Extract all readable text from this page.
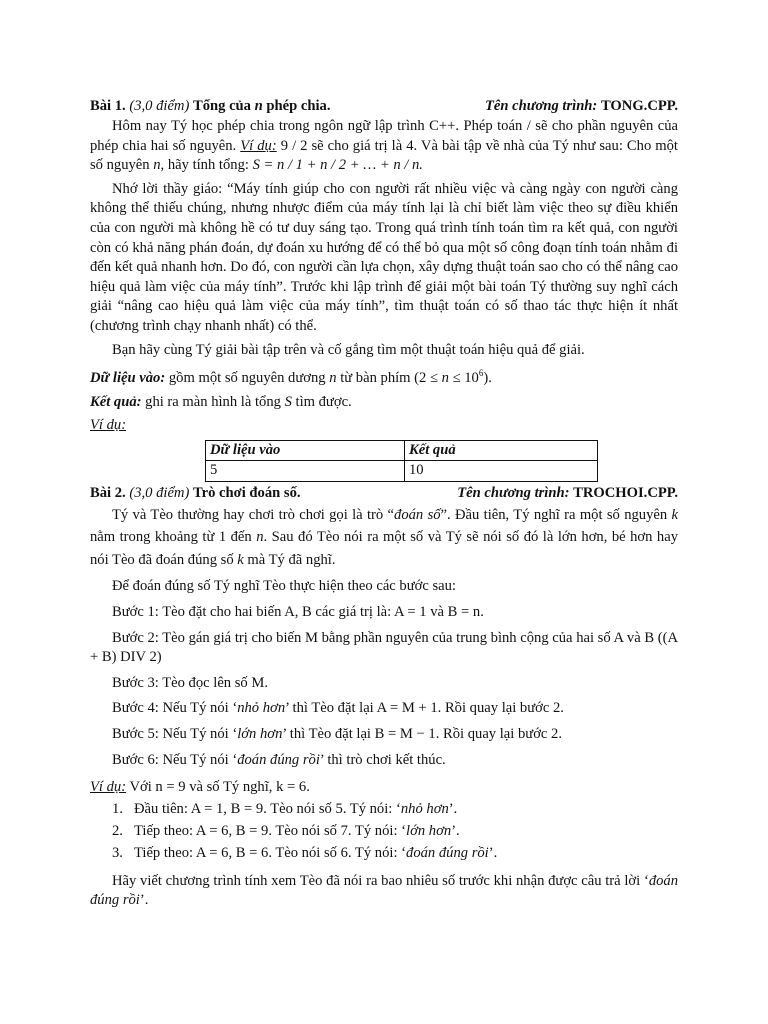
Bài 1. (3,0 điểm) Tổng của n phép chia.	Tên chương trình: TONG.CPP.

Hôm nay Tý học phép chia trong ngôn ngữ lập trình C++. Phép toán / sẽ cho phần nguyên của phép chia hai số nguyên. Ví dụ: 9 / 2 sẽ cho giá trị là 4. Và bài tập về nhà của Tý như sau: Cho một số nguyên n, hãy tính tổng: S = n / 1 + n / 2 + … + n / n.

Nhớ lời thầy giáo: “Máy tính giúp cho con người rất nhiều việc và càng ngày con người càng không thể thiếu chúng, nhưng nhược điểm của máy tính lại là chỉ biết làm việc theo sự điều khiển của con người mà không hề có tư duy sáng tạo. Trong quá trình tính toán tìm ra kết quả, con người còn có khả năng phán đoán, dự đoán xu hướng để có thể bỏ qua một số công đoạn tính toán nhằm đi đến kết quả nhanh hơn. Do đó, con người cần lựa chọn, xây dựng thuật toán sao cho có thể nâng cao hiệu quả làm việc của máy tính”. Trước khi lập trình để giải một bài toán Tý thường suy nghĩ cách giải “nâng cao hiệu quả làm việc của máy tính”, tìm thuật toán có số thao tác thực hiện ít nhất (chương trình chạy nhanh nhất) có thể.

Bạn hãy cùng Tý giải bài tập trên và cố gắng tìm một thuật toán hiệu quả để giải.

Dữ liệu vào: gồm một số nguyên dương n từ bàn phím $(2 \le n \le 10^6)$.

Kết quả: ghi ra màn hình là tổng S tìm được.

Ví dụ:

Dữ liệu vào	Kết quả
5	10
Bài 2. (3,0 điểm) Trò chơi đoán số.	Tên chương trình: TROCHOI.CPP.

Tý và Tèo thường hay chơi trò chơi gọi là trò “đoán số”. Đầu tiên, Tý nghĩ ra một số nguyên k nằm trong khoảng từ 1 đến n. Sau đó Tèo nói ra một số và Tý sẽ nói số đó là lớn hơn, bé hơn hay nói Tèo đã đoán đúng số k mà Tý đã nghĩ.

Để đoán đúng số Tý nghĩ Tèo thực hiện theo các bước sau:

Bước 1: Tèo đặt cho hai biến A, B các giá trị là: A = 1 và B = n.

Bước 2: Tèo gán giá trị cho biến M bằng phần nguyên của trung bình cộng của hai số A và B ((A + B) DIV 2)

Bước 3: Tèo đọc lên số M.

Bước 4: Nếu Tý nói ‘nhỏ hơn’ thì Tèo đặt lại A = M + 1. Rồi quay lại bước 2.

Bước 5: Nếu Tý nói ‘lớn hơn’ thì Tèo đặt lại B = M − 1. Rồi quay lại bước 2.

Bước 6: Nếu Tý nói ‘đoán đúng rồi’ thì trò chơi kết thúc.

Ví dụ: Với n = 9 và số Tý nghĩ, k = 6.

1. Đầu tiên: A = 1, B = 9. Tèo nói số 5. Tý nói: ‘nhỏ hơn’.
2. Tiếp theo: A = 6, B = 9. Tèo nói số 7. Tý nói: ‘lớn hơn’.
3. Tiếp theo: A = 6, B = 6. Tèo nói số 6. Tý nói: ‘đoán đúng rồi’.

Hãy viết chương trình tính xem Tèo đã nói ra bao nhiêu số trước khi nhận được câu trả lời ‘đoán đúng rồi’.
